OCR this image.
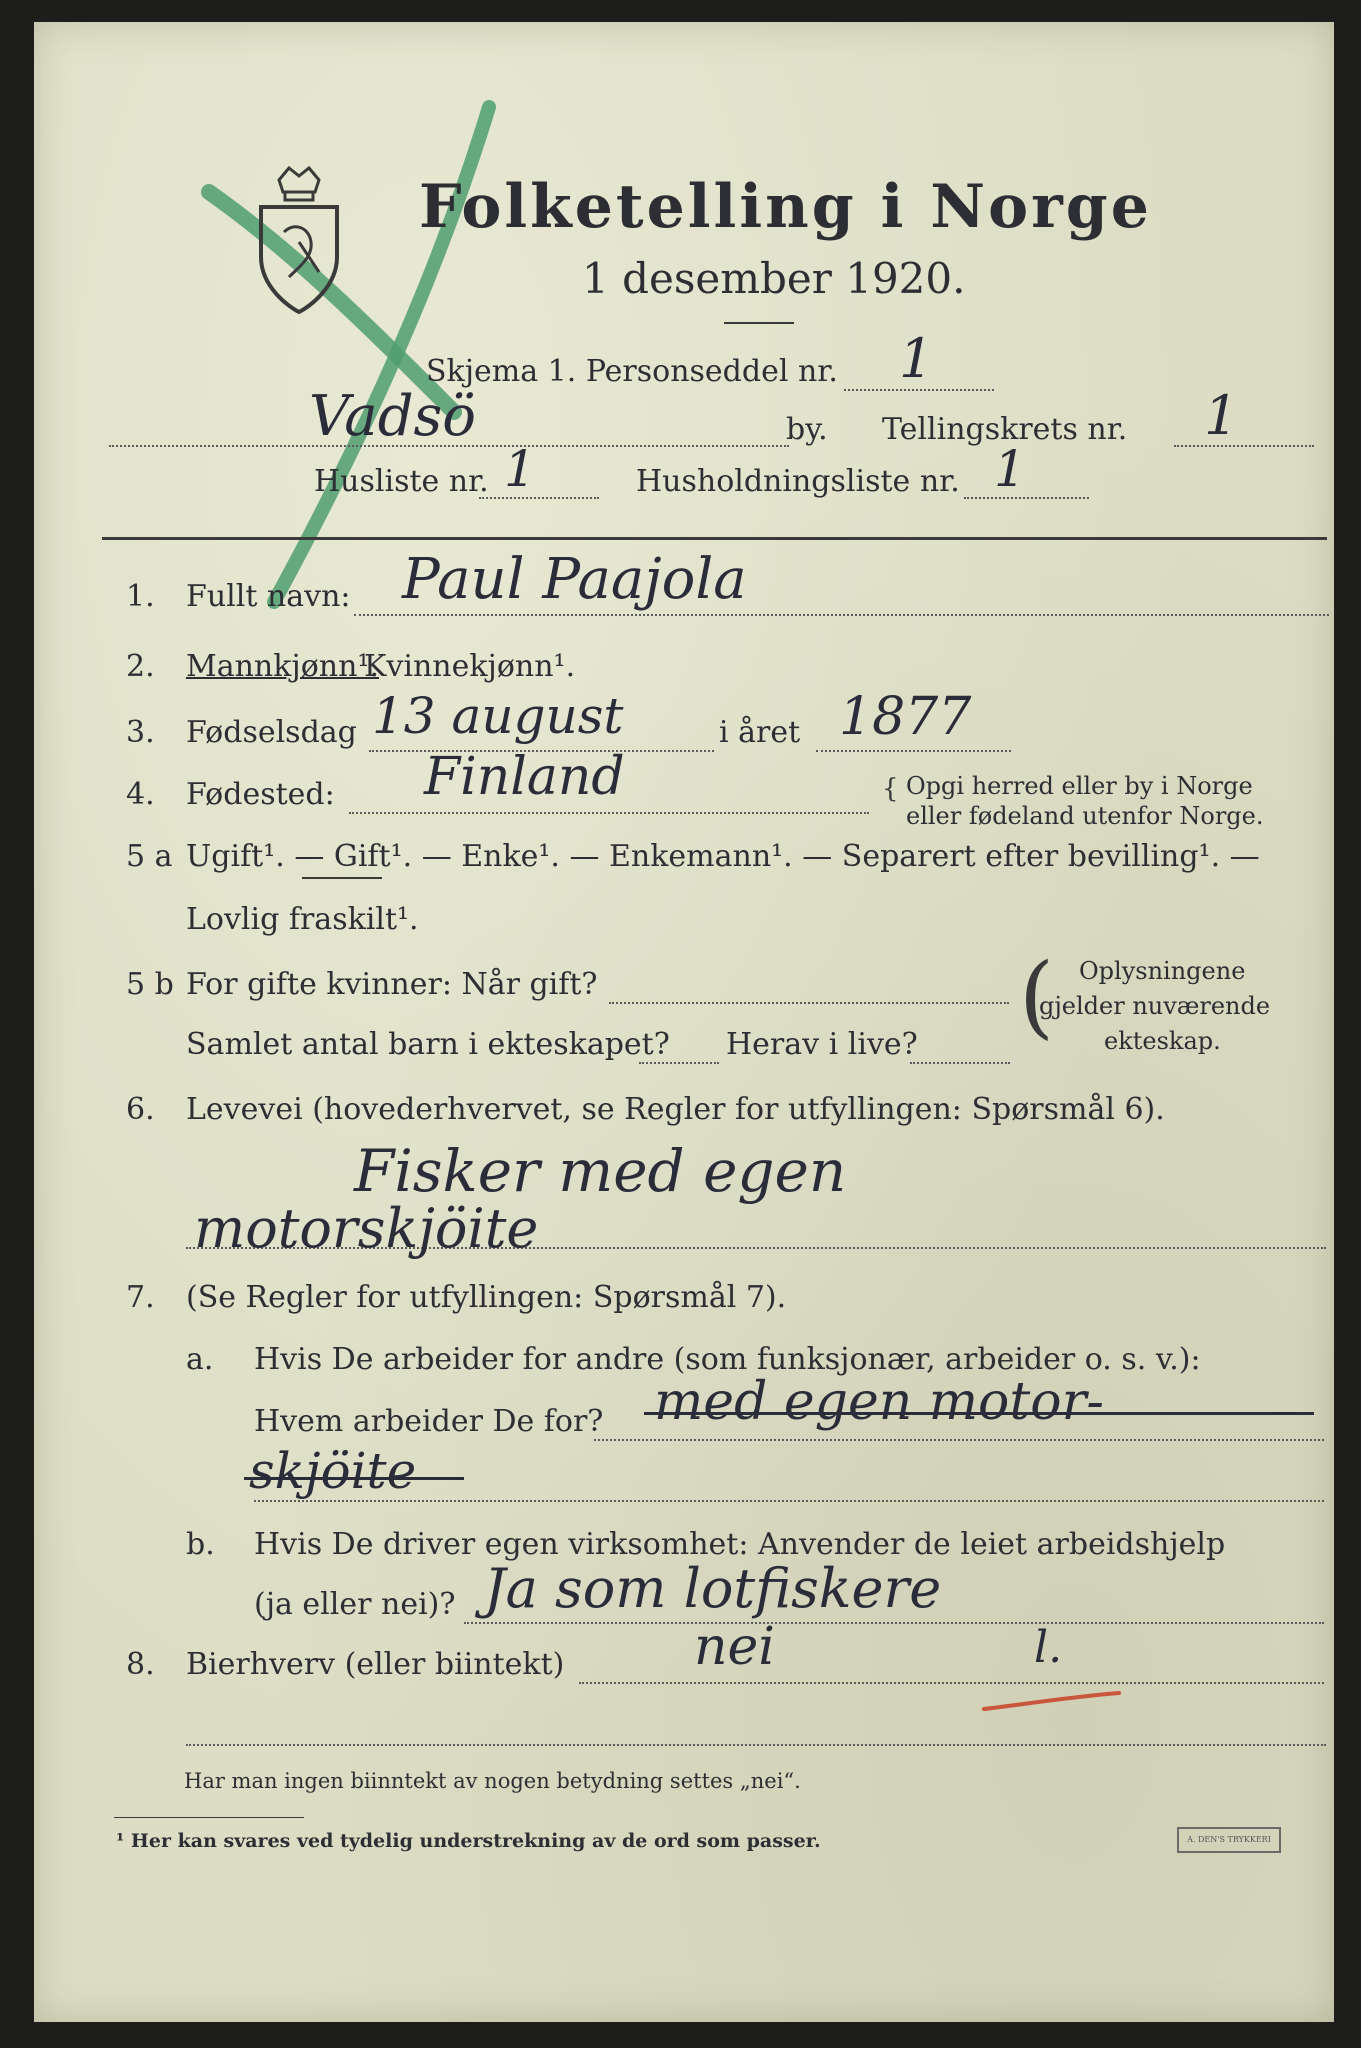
Folketelling i Norge
1 desember 1920.
Skjema 1. Personseddel nr. 1
Vadsö	by. Tellingskrets nr. 1
Husliste nr. 1	Husholdningsliste nr. 1
1. Fullt navn: Paul Paajola
2. Mannkjønn¹.
Kvinnekjønn¹.
3. Fødselsdag 13 august	i året 1877
4. Fødested: Finland	{ Opgi herred eller by i Norge
eller fødeland utenfor Norge.
5 a Ugift¹. — Gift¹. — Enke¹. — Enkemann¹. — Separert efter bevilling¹. —
Lovlig fraskilt¹.
5 b For gifte kvinner: Når gift?
Samlet antal barn i ekteskapet? Herav i live? ( Oplysningene
gjelder nuværende
ekteskap.
6. Levevei (hovederhvervet, se Regler for utfyllingen: Spørsmål 6).
Fisker med egen
motorskjöite
7. (Se Regler for utfyllingen: Spørsmål 7).
a. Hvis De arbeider for andre (som funksjonær, arbeider o. s. v.):
Hvem arbeider De for? med egen motor-
skjöite
b. Hvis De driver egen virksomhet: Anvender de leiet arbeidshjelp
(ja eller nei)? Ja som lotfiskere
8. Bierhverv (eller biintekt) nei	l.
Har man ingen biinntekt av nogen betydning settes „nei“.
¹ Her kan svares ved tydelig understrekning av de ord som passer.	A. DEN'S TRYKKERI
